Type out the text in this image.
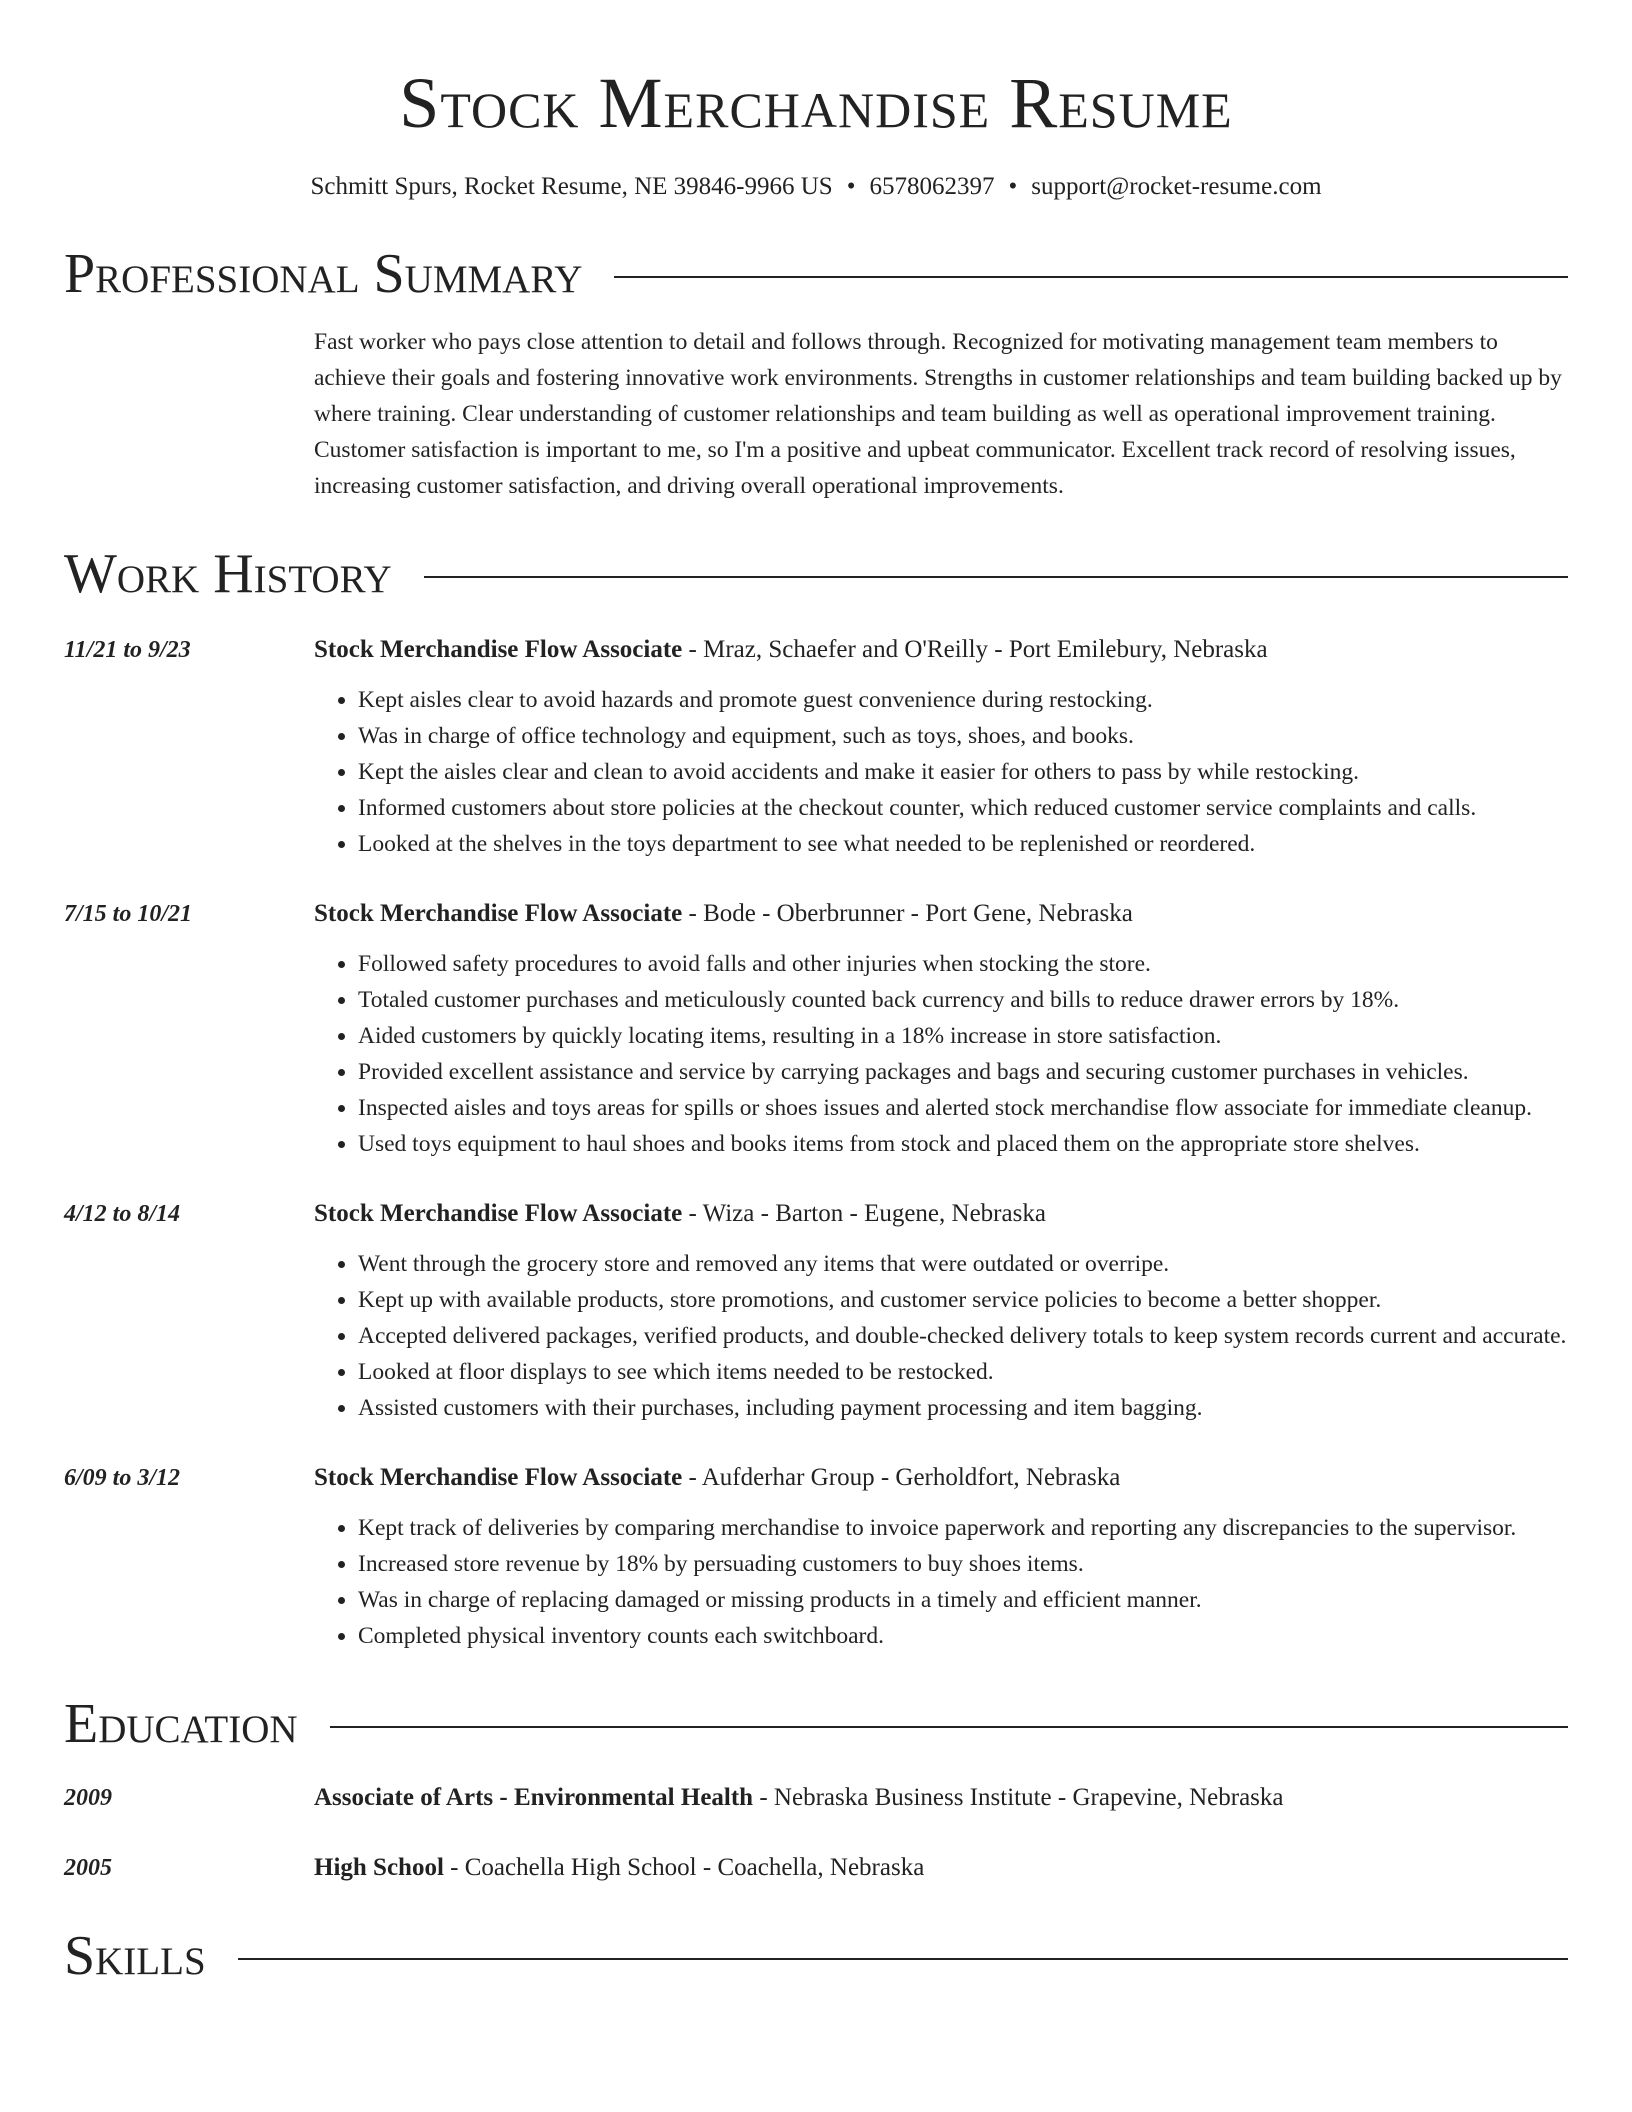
Stock Merchandise Resume
Schmitt Spurs, Rocket Resume, NE 39846-9966 US • 6578062397 • support@rocket-resume.com
Professional Summary
Fast worker who pays close attention to detail and follows through. Recognized for motivating management team members to achieve their goals and fostering innovative work environments. Strengths in customer relationships and team building backed up by where training. Clear understanding of customer relationships and team building as well as operational improvement training. Customer satisfaction is important to me, so I'm a positive and upbeat communicator. Excellent track record of resolving issues, increasing customer satisfaction, and driving overall operational improvements.
Work History
11/21 to 9/23	Stock Merchandise Flow Associate - Mraz, Schaefer and O'Reilly - Port Emilebury, Nebraska
• Kept aisles clear to avoid hazards and promote guest convenience during restocking.
• Was in charge of office technology and equipment, such as toys, shoes, and books.
• Kept the aisles clear and clean to avoid accidents and make it easier for others to pass by while restocking.
• Informed customers about store policies at the checkout counter, which reduced customer service complaints and calls.
• Looked at the shelves in the toys department to see what needed to be replenished or reordered.
7/15 to 10/21	Stock Merchandise Flow Associate - Bode - Oberbrunner - Port Gene, Nebraska
• Followed safety procedures to avoid falls and other injuries when stocking the store.
• Totaled customer purchases and meticulously counted back currency and bills to reduce drawer errors by 18%.
• Aided customers by quickly locating items, resulting in a 18% increase in store satisfaction.
• Provided excellent assistance and service by carrying packages and bags and securing customer purchases in vehicles.
• Inspected aisles and toys areas for spills or shoes issues and alerted stock merchandise flow associate for immediate cleanup.
• Used toys equipment to haul shoes and books items from stock and placed them on the appropriate store shelves.
4/12 to 8/14	Stock Merchandise Flow Associate - Wiza - Barton - Eugene, Nebraska
• Went through the grocery store and removed any items that were outdated or overripe.
• Kept up with available products, store promotions, and customer service policies to become a better shopper.
• Accepted delivered packages, verified products, and double-checked delivery totals to keep system records current and accurate.
• Looked at floor displays to see which items needed to be restocked.
• Assisted customers with their purchases, including payment processing and item bagging.
6/09 to 3/12	Stock Merchandise Flow Associate - Aufderhar Group - Gerholdfort, Nebraska
• Kept track of deliveries by comparing merchandise to invoice paperwork and reporting any discrepancies to the supervisor.
• Increased store revenue by 18% by persuading customers to buy shoes items.
• Was in charge of replacing damaged or missing products in a timely and efficient manner.
• Completed physical inventory counts each switchboard.
Education
2009	Associate of Arts - Environmental Health - Nebraska Business Institute - Grapevine, Nebraska
2005	High School - Coachella High School - Coachella, Nebraska
Skills
